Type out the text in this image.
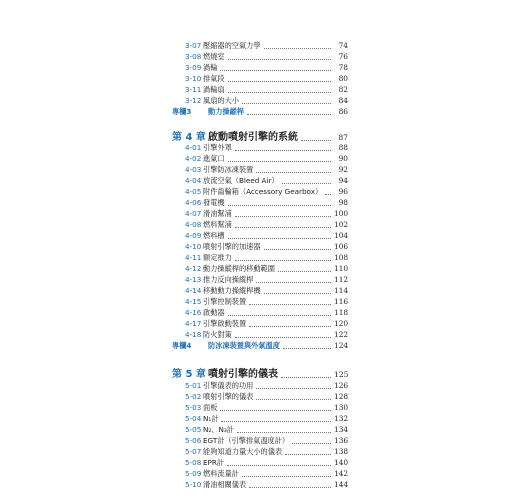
3-07 壓縮器的空氣力學	74
3-08 燃燒室	76
3-09 渦輪	78
3-10 排氣段	80
3-11 渦輪扇	82
3-12 風扇的大小	84
專欄3	動力操縱桿	86
第 4 章 啟動噴射引擎的系統	87
4-01 引擎外罩	88
4-02 進氣口	90
4-03 引擎防冰凍裝置	92
4-04 放流空氣（Bleed Air）	94
4-05 附件齒輪箱（Accessory Gearbox）	96
4-06 發電機	98
4-07 滑油幫浦	100
4-08 燃料幫浦	102
4-09 燃料槽	104
4-10 噴射引擎的加速器	106
4-11 額定推力	108
4-12 動力操縱桿的移動範圍	110
4-13 推力反向操縱桿	112
4-14 移動動力操縱桿機	114
4-15 引擎控制裝置	116
4-16 啟動器	118
4-17 引擎啟動裝置	120
4-18 防火對策	122
專欄4	防冰凍裝置與外氣溫度	124
第 5 章 噴射引擎的儀表	125
5-01 引擎儀表的功用	126
5-02 噴射引擎的儀表	128
5-03 面板	130
5-04 N₁計	132
5-05 N₂、N₃計	134
5-06 EGT計（引擎排氣溫度計）	136
5-07 能夠知道力量大小的儀表	138
5-08 EPR計	140
5-09 燃料流量計	142
5-10 滑油相關儀表	144
